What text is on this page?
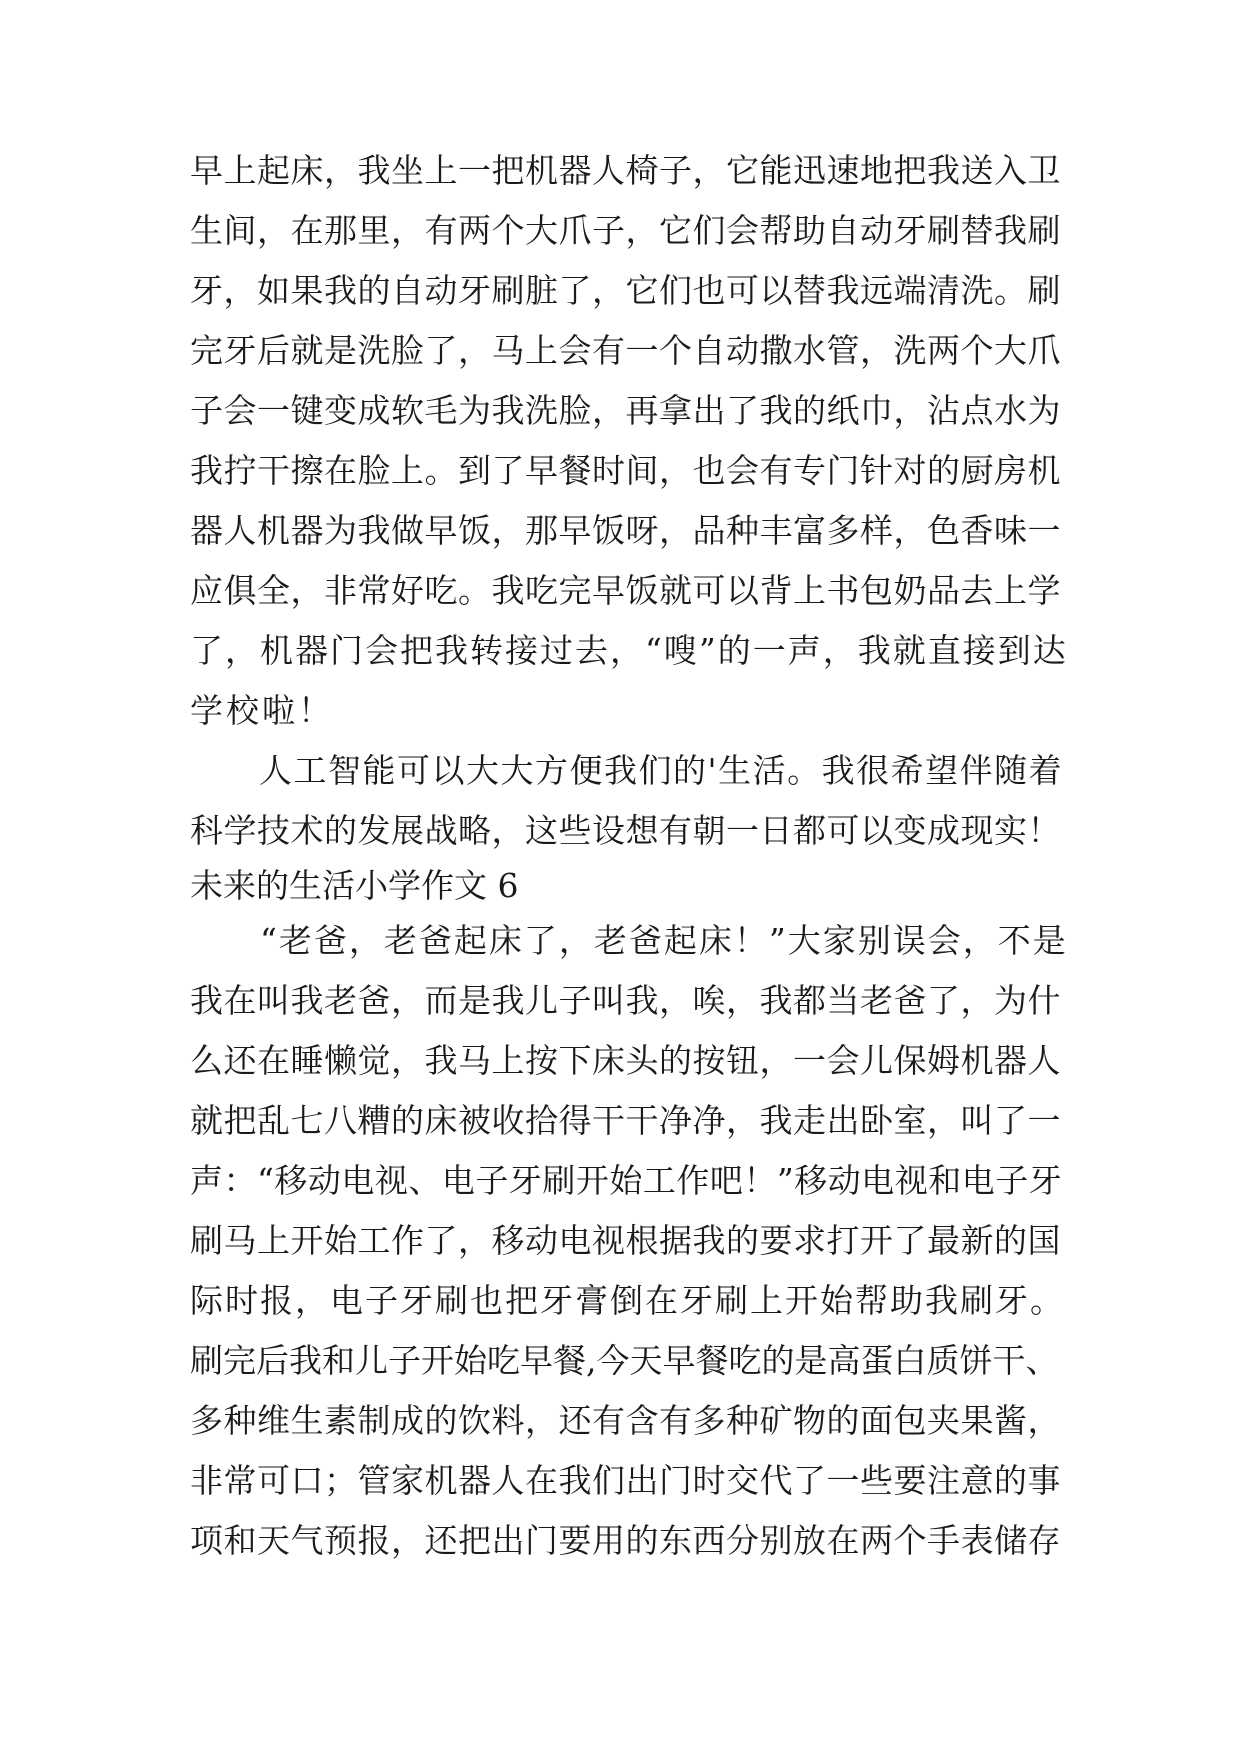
早上起床，我坐上一把机器人椅子，它能迅速地把我送入卫
生间，在那里，有两个大爪子，它们会帮助自动牙刷替我刷
牙，如果我的自动牙刷脏了，它们也可以替我远端清洗。刷
完牙后就是洗脸了，马上会有一个自动撒水管，洗两个大爪
子会一键变成软毛为我洗脸，再拿出了我的纸巾，沾点水为
我拧干擦在脸上。到了早餐时间，也会有专门针对的厨房机
器人机器为我做早饭，那早饭呀，品种丰富多样，色香味一
应俱全，非常好吃。我吃完早饭就可以背上书包奶品去上学
了，机器门会把我转接过去，“嗖”的一声，我就直接到达
学校啦！
　　人工智能可以大大方便我们的'生活。我很希望伴随着
科学技术的发展战略，这些设想有朝一日都可以变成现实！
未来的生活小学作文 6
　　“老爸，老爸起床了，老爸起床！”大家别误会，不是
我在叫我老爸，而是我儿子叫我，唉，我都当老爸了，为什
么还在睡懒觉，我马上按下床头的按钮，一会儿保姆机器人
就把乱七八糟的床被收拾得干干净净，我走出卧室，叫了一
声：“移动电视、电子牙刷开始工作吧！”移动电视和电子牙
刷马上开始工作了，移动电视根据我的要求打开了最新的国
际时报，电子牙刷也把牙膏倒在牙刷上开始帮助我刷牙。
刷完后我和儿子开始吃早餐,今天早餐吃的是高蛋白质饼干、
多种维生素制成的饮料，还有含有多种矿物的面包夹果酱，
非常可口；管家机器人在我们出门时交代了一些要注意的事
项和天气预报，还把出门要用的东西分别放在两个手表储存
